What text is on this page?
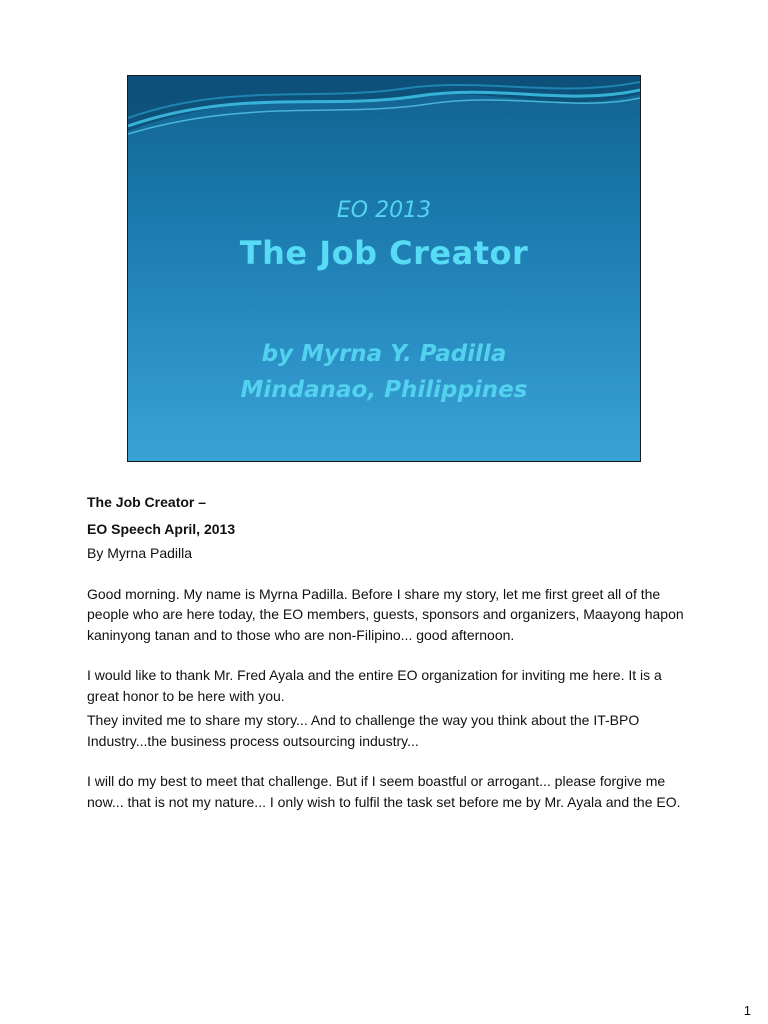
EO 2013
The Job Creator
by Myrna Y. Padilla
Mindanao, Philippines

The Job Creator –

EO Speech April, 2013

By Myrna Padilla

Good morning. My name is Myrna Padilla. Before I share my story, let me first greet all of the people who are here today, the EO members, guests, sponsors and organizers, Maayong hapon kaninyong tanan and to those who are non-Filipino... good afternoon.

I would like to thank Mr. Fred Ayala and the entire EO organization for inviting me here. It is a great honor to be here with you.

They invited me to share my story... And to challenge the way you think about the IT-BPO Industry...the business process outsourcing industry...

I will do my best to meet that challenge. But if I seem boastful or arrogant... please forgive me now... that is not my nature... I only wish to fulfil the task set before me by Mr. Ayala and the EO.

1
